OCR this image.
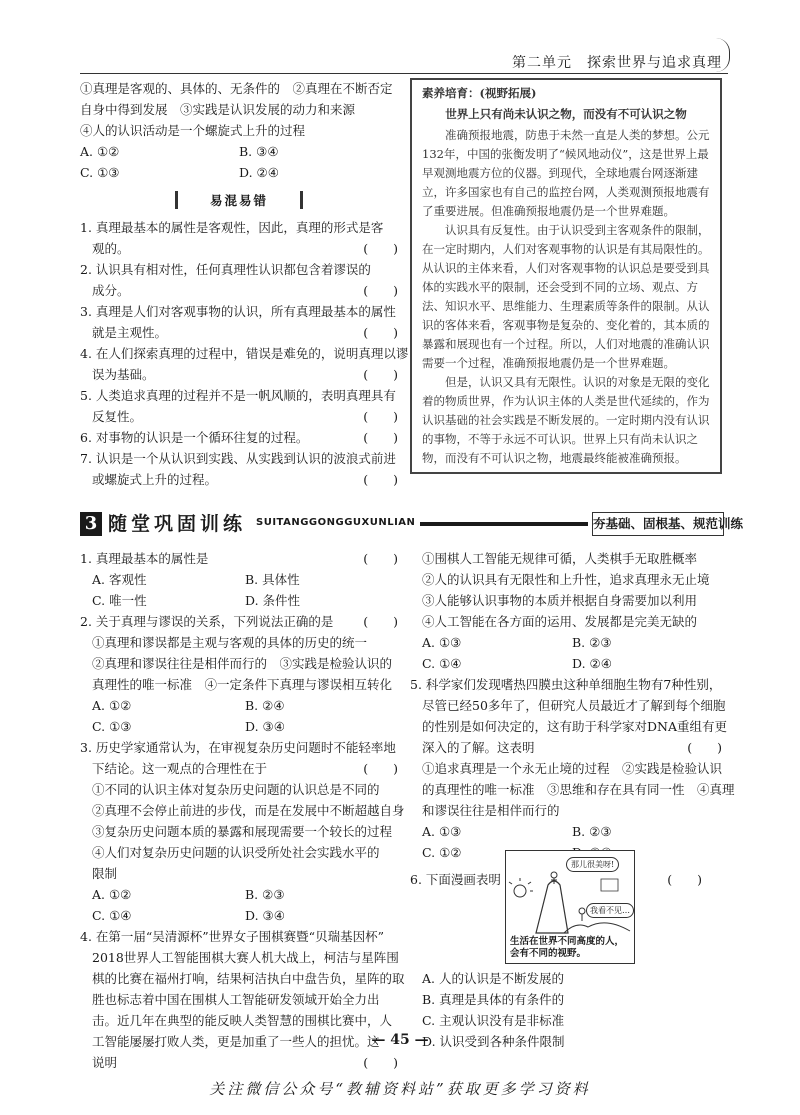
第二单元　探索世界与追求真理

①真理是客观的、具体的、无条件的　②真理在不断否定

自身中得到发展　③实践是认识发展的动力和来源

④人的认识活动是一个螺旋式上升的过程

A. ①②	B. ③④
C. ①③	D. ②④
易混易错

1. 真理最基本的属性是客观性，因此，真理的形式是客

观的。	(　　)

2. 认识具有相对性，任何真理性认识都包含着谬误的

成分。	(　　)

3. 真理是人们对客观事物的认识，所有真理最基本的属性

就是主观性。	(　　)

4. 在人们探索真理的过程中，错误是难免的，说明真理以谬

误为基础。	(　　)

5. 人类追求真理的过程并不是一帆风顺的，表明真理具有

反复性。	(　　)

6. 对事物的认识是一个循环往复的过程。	(　　)

7. 认识是一个从认识到实践、从实践到认识的波浪式前进

或螺旋式上升的过程。	(　　)

素养培育：(视野拓展)
世界上只有尚未认识之物，而没有不可认识之物

准确预报地震，防患于未然一直是人类的梦想。公元132年，中国的张衡发明了“候风地动仪”，这是世界上最早观测地震方位的仪器。到现代，全球地震台网逐渐建立，许多国家也有自己的监控台网，人类观测预报地震有了重要进展。但准确预报地震仍是一个世界难题。

认识具有反复性。由于认识受到主客观条件的限制，在一定时期内，人们对客观事物的认识是有其局限性的。从认识的主体来看，人们对客观事物的认识总是要受到具体的实践水平的限制，还会受到不同的立场、观点、方法、知识水平、思维能力、生理素质等条件的限制。从认识的客体来看，客观事物是复杂的、变化着的，其本质的暴露和展现也有一个过程。所以，人们对地震的准确认识需要一个过程，准确预报地震仍是一个世界难题。

但是，认识又具有无限性。认识的对象是无限的变化着的物质世界，作为认识主体的人类是世代延续的，作为认识基础的社会实践是不断发展的。一定时期内没有认识的事物，不等于永远不可认识。世界上只有尚未认识之物，而没有不可认识之物，地震最终能被准确预报。

3 随堂巩固训练 SUITANGGONGGUXUNLIAN	夯基础、固根基、规范训练

1. 真理最基本的属性是	(　　)

A. 客观性	B. 具体性
C. 唯一性	D. 条件性

2. 关于真理与谬误的关系，下列说法正确的是 (　　)

①真理和谬误都是主观与客观的具体的历史的统一

②真理和谬误往往是相伴而行的　③实践是检验认识的

真理性的唯一标准　④一定条件下真理与谬误相互转化

A. ①②	B. ②④
C. ①③	D. ③④

3. 历史学家通常认为，在审视复杂历史问题时不能轻率地

下结论。这一观点的合理性在于	(　　)

①不同的认识主体对复杂历史问题的认识总是不同的

②真理不会停止前进的步伐，而是在发展中不断超越自身

③复杂历史问题本质的暴露和展现需要一个较长的过程

④人们对复杂历史问题的认识受所处社会实践水平的

限制

A. ①②	B. ②③
C. ①④	D. ③④

4. 在第一届“吴清源杯”世界女子围棋赛暨“贝瑞基因杯”

2018世界人工智能围棋大赛人机大战上，柯洁与星阵围

棋的比赛在福州打响，结果柯洁执白中盘告负，星阵的取

胜也标志着中国在围棋人工智能研发领域开始全力出

击。近几年在典型的能反映人类智慧的围棋比赛中，人

工智能屡屡打败人类，更是加重了一些人的担忧。这

说明	(　　)

①围棋人工智能无规律可循，人类棋手无取胜概率

②人的认识具有无限性和上升性，追求真理永无止境

③人能够认识事物的本质并根据自身需要加以利用

④人工智能在各方面的运用、发展都是完美无缺的

A. ①③	B. ②③
C. ①④	D. ②④

5. 科学家们发现嗜热四膜虫这种单细胞生物有7种性别，

尽管已经50多年了，但研究人员最近才了解到每个细胞

的性别是如何决定的，这有助于科学家对DNA重组有更

深入的了解。这表明	(　　)

①追求真理是一个永无止境的过程　②实践是检验认识

的真理性的唯一标准　③思维和存在具有同一性　④真理

和谬误往往是相伴而行的

A. ①③	B. ②③
C. ①②

6. 下面漫画表明	(　　)

那儿很美呀!
我看不见…
生活在世界不同高度的人，
会有不同的视野。

A. 人的认识是不断发展的

B. 真理是具体的有条件的

C. 主观认识没有是非标准

D. 认识受到各种条件限制

— 45 —
关注微信公众号“教辅资料站”获取更多学习资料
